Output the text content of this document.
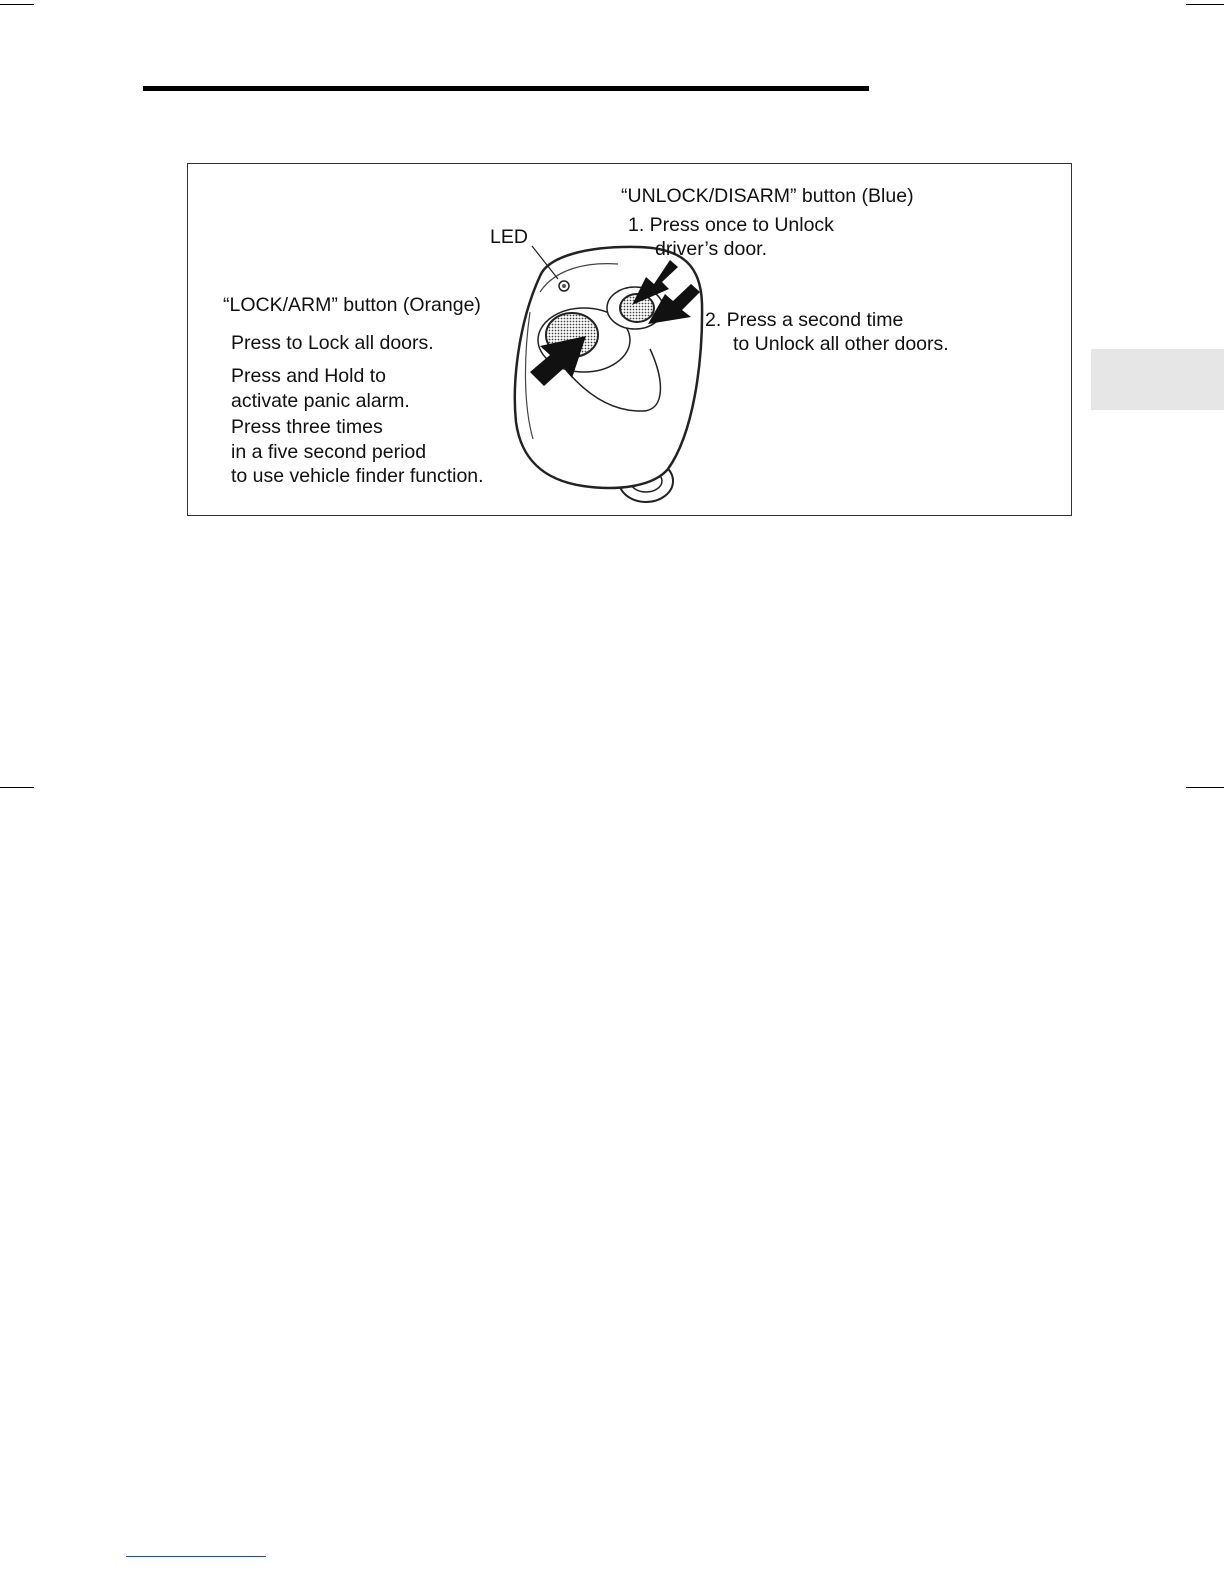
“UNLOCK/DISARM” button (Blue)
1. Press once to Unlock
driver’s door.
2. Press a second time
to Unlock all other doors.
LED
“LOCK/ARM” button (Orange)
Press to Lock all doors.
Press and Hold to
activate panic alarm.
Press three times
in a five second period
to use vehicle finder function.
